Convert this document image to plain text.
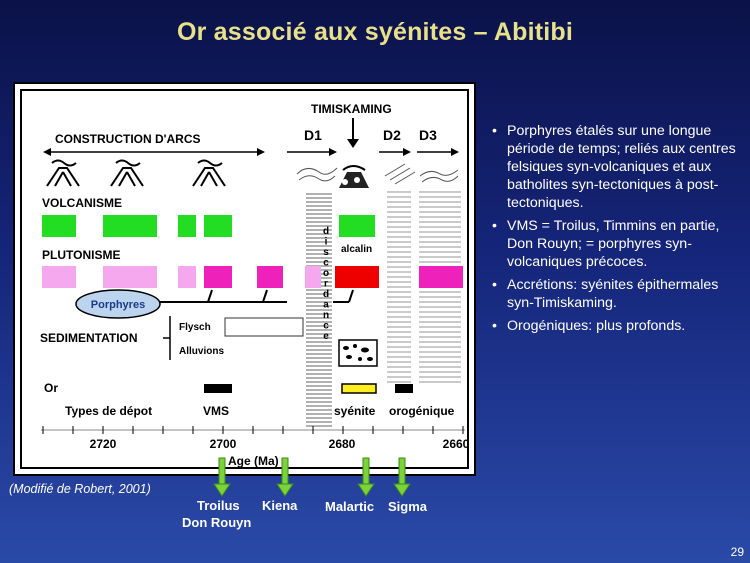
Or associé aux syénites – Abitibi
TIMISKAMING
D1	D2 D3
CONSTRUCTION D'ARCS
VOLCANISME
PLUTONISME	alcalin
Porphyres
SEDIMENTATION
Flysch
Alluvions
d
i
s
c
o
r
d
a
n
c
e
Or
Types de dépot	VMS	syénite orogénique
2720	2700	2680	2660
Age (Ma)
• Porphyres étalés sur une longue période de temps; reliés aux centres felsiques syn-volcaniques et aux batholites syn-tectoniques à post-tectoniques.
• VMS = Troilus, Timmins en partie, Don Rouyn; = porphyres syn-volcaniques précoces.
• Accrétions: syénites épithermales syn-Timiskaming.
• Orogéniques: plus profonds.
(Modifié de Robert, 2001)
Troilus
Don Rouyn
Kiena Malartic Sigma
29
